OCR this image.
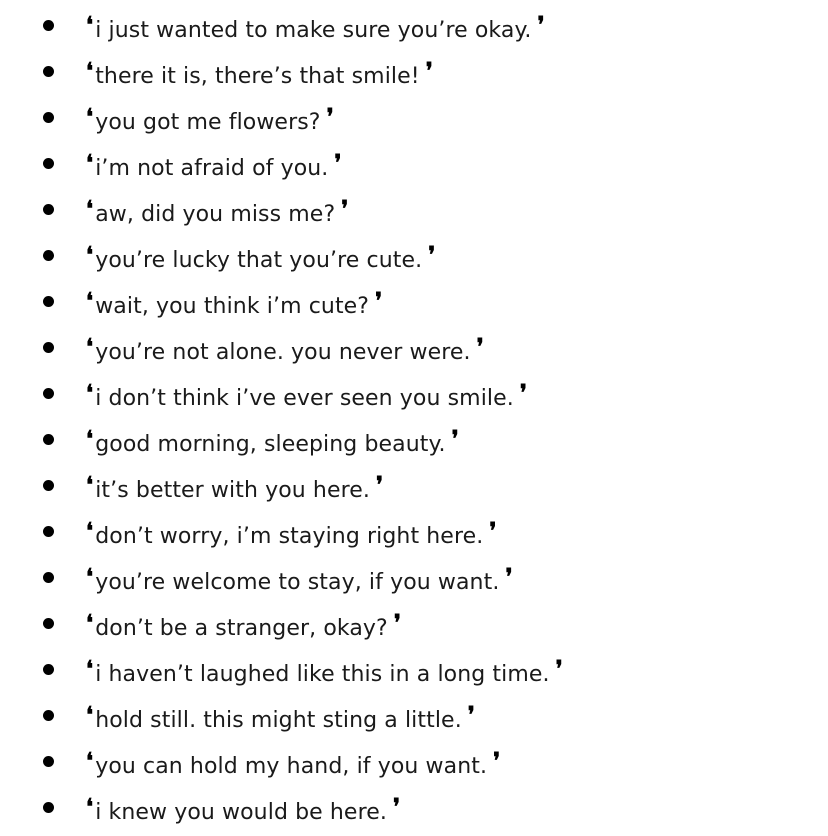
❛i just wanted to make sure you’re okay. ❜
❛there it is, there’s that smile! ❜
❛you got me flowers? ❜
❛i’m not afraid of you. ❜
❛aw, did you miss me? ❜
❛you’re lucky that you’re cute. ❜
❛wait, you think i’m cute? ❜
❛you’re not alone. you never were. ❜
❛i don’t think i’ve ever seen you smile. ❜
❛good morning, sleeping beauty. ❜
❛it’s better with you here. ❜
❛don’t worry, i’m staying right here. ❜
❛you’re welcome to stay, if you want. ❜
❛don’t be a stranger, okay? ❜
❛i haven’t laughed like this in a long time. ❜
❛hold still. this might sting a little. ❜
❛you can hold my hand, if you want. ❜
❛i knew you would be here. ❜
